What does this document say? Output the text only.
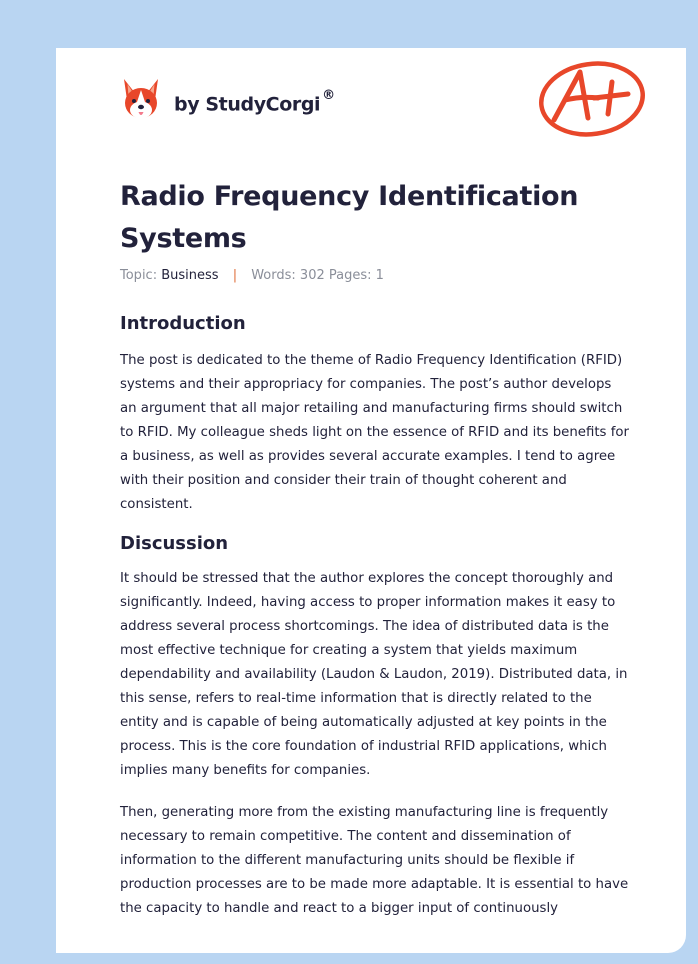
by StudyCorgi ®
Radio Frequency Identification Systems
Topic: Business | Words: 302 Pages: 1
Introduction

The post is dedicated to the theme of Radio Frequency Identification (RFID) systems and their appropriacy for companies. The post’s author develops an argument that all major retailing and manufacturing firms should switch to RFID. My colleague sheds light on the essence of RFID and its benefits for a business, as well as provides several accurate examples. I tend to agree with their position and consider their train of thought coherent and consistent.

Discussion

It should be stressed that the author explores the concept thoroughly and significantly. Indeed, having access to proper information makes it easy to address several process shortcomings. The idea of distributed data is the most effective technique for creating a system that yields maximum dependability and availability (Laudon & Laudon, 2019). Distributed data, in this sense, refers to real-time information that is directly related to the entity and is capable of being automatically adjusted at key points in the process. This is the core foundation of industrial RFID applications, which implies many benefits for companies.

Then, generating more from the existing manufacturing line is frequently necessary to remain competitive. The content and dissemination of information to the different manufacturing units should be flexible if production processes are to be made more adaptable. It is essential to have the capacity to handle and react to a bigger input of continuously
